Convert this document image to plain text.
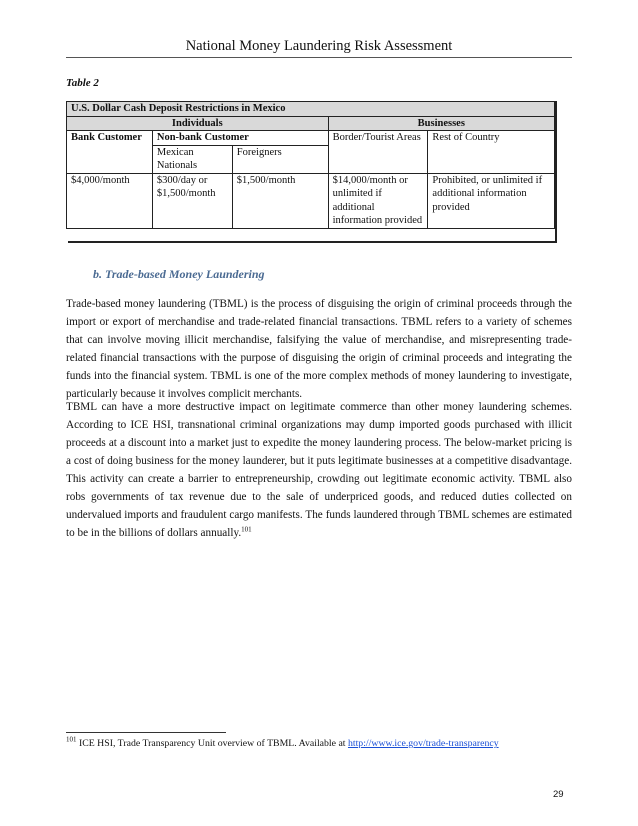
National Money Laundering Risk Assessment
Table 2
U.S. Dollar Cash Deposit Restrictions in Mexico				
Individuals			Businesses	
Bank Customer	Non-bank Customer		Border/Tourist Areas	Rest of Country
	Mexican Nationals	Foreigners		
$4,000/month	$300/day or $1,500/month	$1,500/month	$14,000/month or unlimited if additional information provided	Prohibited, or unlimited if additional information provided
b. Trade-based Money Laundering

Trade-based money laundering (TBML) is the process of disguising the origin of criminal proceeds through the import or export of merchandise and trade-related financial transactions. TBML refers to a variety of schemes that can involve moving illicit merchandise, falsifying the value of merchandise, and misrepresenting trade-related financial transactions with the purpose of disguising the origin of criminal proceeds and integrating the funds into the financial system. TBML is one of the more complex methods of money laundering to investigate, particularly because it involves complicit merchants.

TBML can have a more destructive impact on legitimate commerce than other money laundering schemes. According to ICE HSI, transnational criminal organizations may dump imported goods purchased with illicit proceeds at a discount into a market just to expedite the money laundering process. The below-market pricing is a cost of doing business for the money launderer, but it puts legitimate businesses at a competitive disadvantage. This activity can create a barrier to entrepreneurship, crowding out legitimate economic activity. TBML also robs governments of tax revenue due to the sale of underpriced goods, and reduced duties collected on undervalued imports and fraudulent cargo manifests. The funds laundered through TBML schemes are estimated to be in the billions of dollars annually.$^{101}$

$^{101}$ ICE HSI, Trade Transparency Unit overview of TBML. Available at http://www.ice.gov/trade-transparency
29
